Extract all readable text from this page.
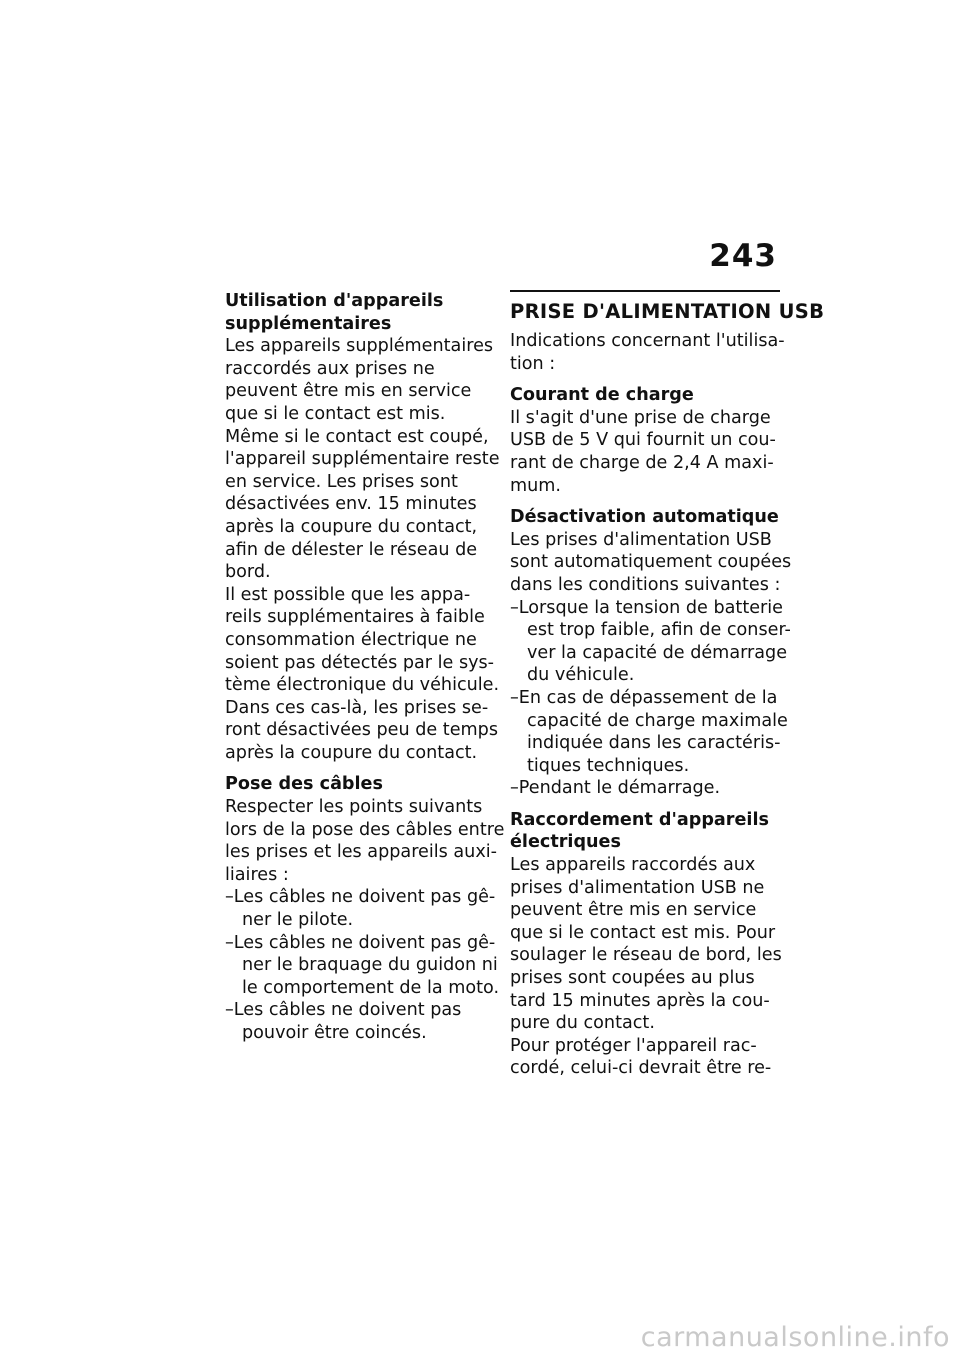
243
Utilisation d'appareils
supplémentaires
Les appareils supplémentaires
raccordés aux prises ne
peuvent être mis en service
que si le contact est mis.
Même si le contact est coupé,
l'appareil supplémentaire reste
en service. Les prises sont
désactivées env. 15 minutes
après la coupure du contact,
afin de délester le réseau de
bord.
Il est possible que les appa-
reils supplémentaires à faible
consommation électrique ne
soient pas détectés par le sys-
tème électronique du véhicule.
Dans ces cas-là, les prises se-
ront désactivées peu de temps
après la coupure du contact.
Pose des câbles
Respecter les points suivants
lors de la pose des câbles entre
les prises et les appareils auxi-
liaires :
–Les câbles ne doivent pas gê-
ner le pilote.
–Les câbles ne doivent pas gê-
ner le braquage du guidon ni
le comportement de la moto.
–Les câbles ne doivent pas
pouvoir être coincés.
PRISE D'ALIMENTATION USB
Indications concernant l'utilisa-
tion :
Courant de charge
Il s'agit d'une prise de charge
USB de 5 V qui fournit un cou-
rant de charge de 2,4 A maxi-
mum.
Désactivation automatique
Les prises d'alimentation USB
sont automatiquement coupées
dans les conditions suivantes :
–Lorsque la tension de batterie
est trop faible, afin de conser-
ver la capacité de démarrage
du véhicule.
–En cas de dépassement de la
capacité de charge maximale
indiquée dans les caractéris-
tiques techniques.
–Pendant le démarrage.
Raccordement d'appareils
électriques
Les appareils raccordés aux
prises d'alimentation USB ne
peuvent être mis en service
que si le contact est mis. Pour
soulager le réseau de bord, les
prises sont coupées au plus
tard 15 minutes après la cou-
pure du contact.
Pour protéger l'appareil rac-
cordé, celui-ci devrait être re-
carmanualsonline.info
